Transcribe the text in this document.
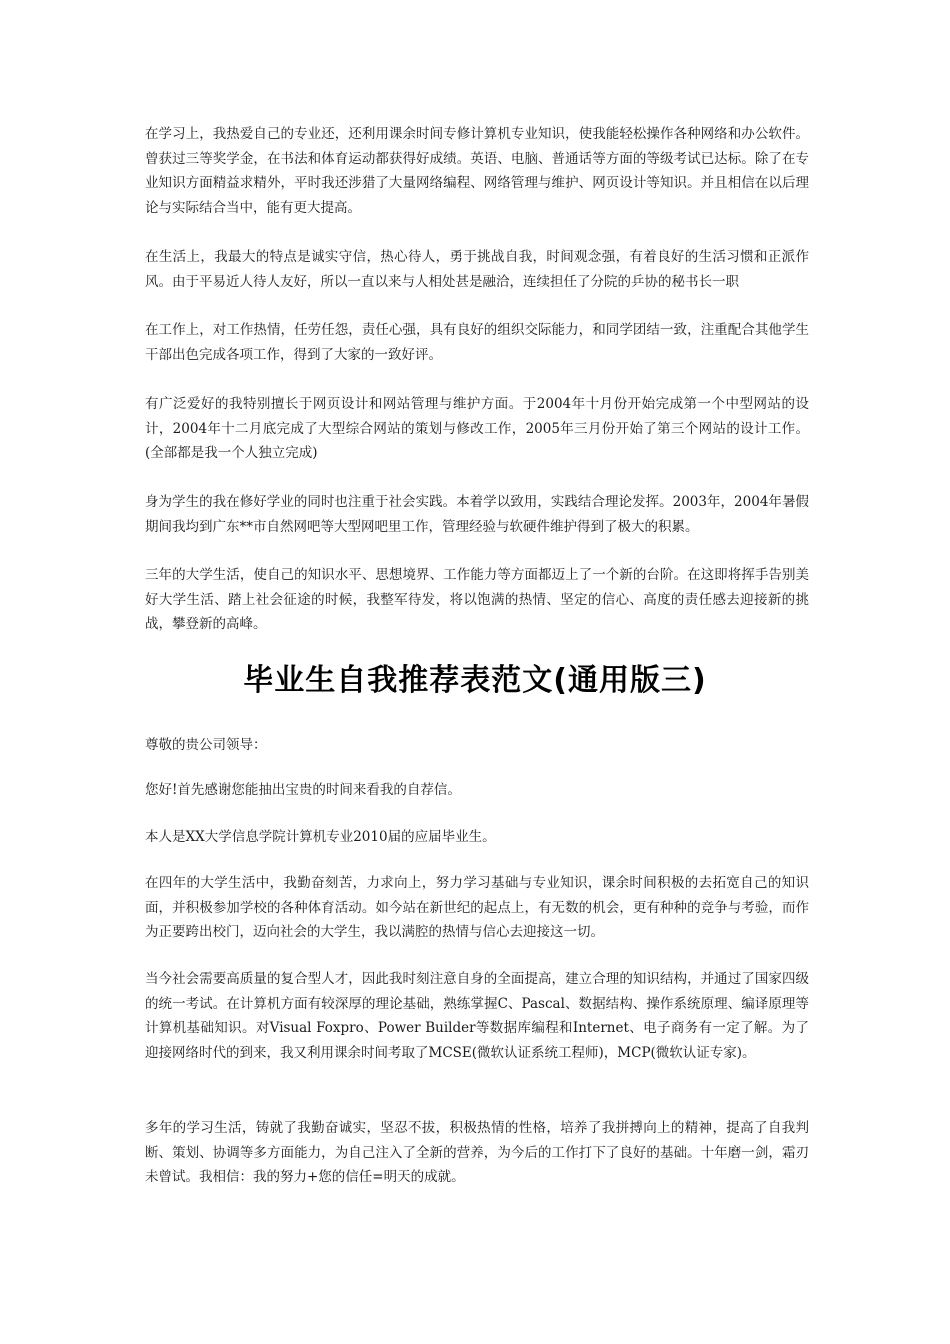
在学习上，我热爱自己的专业还，还利用课余时间专修计算机专业知识，使我能轻松操作各种网络和办公软件。曾获过三等奖学金，在书法和体育运动都获得好成绩。英语、电脑、普通话等方面的等级考试已达标。除了在专业知识方面精益求精外，平时我还涉猎了大量网络编程、网络管理与维护、网页设计等知识。并且相信在以后理论与实际结合当中，能有更大提高。

在生活上，我最大的特点是诚实守信，热心待人，勇于挑战自我，时间观念强，有着良好的生活习惯和正派作风。由于平易近人待人友好，所以一直以来与人相处甚是融洽，连续担任了分院的乒协的秘书长一职

在工作上，对工作热情，任劳任怨，责任心强，具有良好的组织交际能力，和同学团结一致，注重配合其他学生干部出色完成各项工作，得到了大家的一致好评。

有广泛爱好的我特别擅长于网页设计和网站管理与维护方面。于2004年十月份开始完成第一个中型网站的设计，2004年十二月底完成了大型综合网站的策划与修改工作，2005年三月份开始了第三个网站的设计工作。(全部都是我一个人独立完成)

身为学生的我在修好学业的同时也注重于社会实践。本着学以致用，实践结合理论发挥。2003年，2004年暑假期间我均到广东**市自然网吧等大型网吧里工作，管理经验与软硬件维护得到了极大的积累。

三年的大学生活，使自己的知识水平、思想境界、工作能力等方面都迈上了一个新的台阶。在这即将挥手告别美好大学生活、踏上社会征途的时候，我整军待发，将以饱满的热情、坚定的信心、高度的责任感去迎接新的挑战，攀登新的高峰。

毕业生自我推荐表范文(通用版三)

尊敬的贵公司领导：

您好!首先感谢您能抽出宝贵的时间来看我的自荐信。

本人是XX大学信息学院计算机专业2010届的应届毕业生。

在四年的大学生活中，我勤奋刻苦，力求向上，努力学习基础与专业知识，课余时间积极的去拓宽自己的知识面，并积极参加学校的各种体育活动。如今站在新世纪的起点上，有无数的机会，更有种种的竞争与考验，而作为正要跨出校门，迈向社会的大学生，我以满腔的热情与信心去迎接这一切。

当今社会需要高质量的复合型人才，因此我时刻注意自身的全面提高，建立合理的知识结构，并通过了国家四级的统一考试。在计算机方面有较深厚的理论基础，熟练掌握C、Pascal、数据结构、操作系统原理、编译原理等计算机基础知识。对Visual Foxpro、Power Builder等数据库编程和Internet、电子商务有一定了解。为了迎接网络时代的到来，我又利用课余时间考取了MCSE(微软认证系统工程师)，MCP(微软认证专家)。

多年的学习生活，铸就了我勤奋诚实，坚忍不拔，积极热情的性格，培养了我拼搏向上的精神，提高了自我判断、策划、协调等多方面能力，为自己注入了全新的营养，为今后的工作打下了良好的基础。十年磨一剑，霜刃未曾试。我相信：我的努力+您的信任=明天的成就。
